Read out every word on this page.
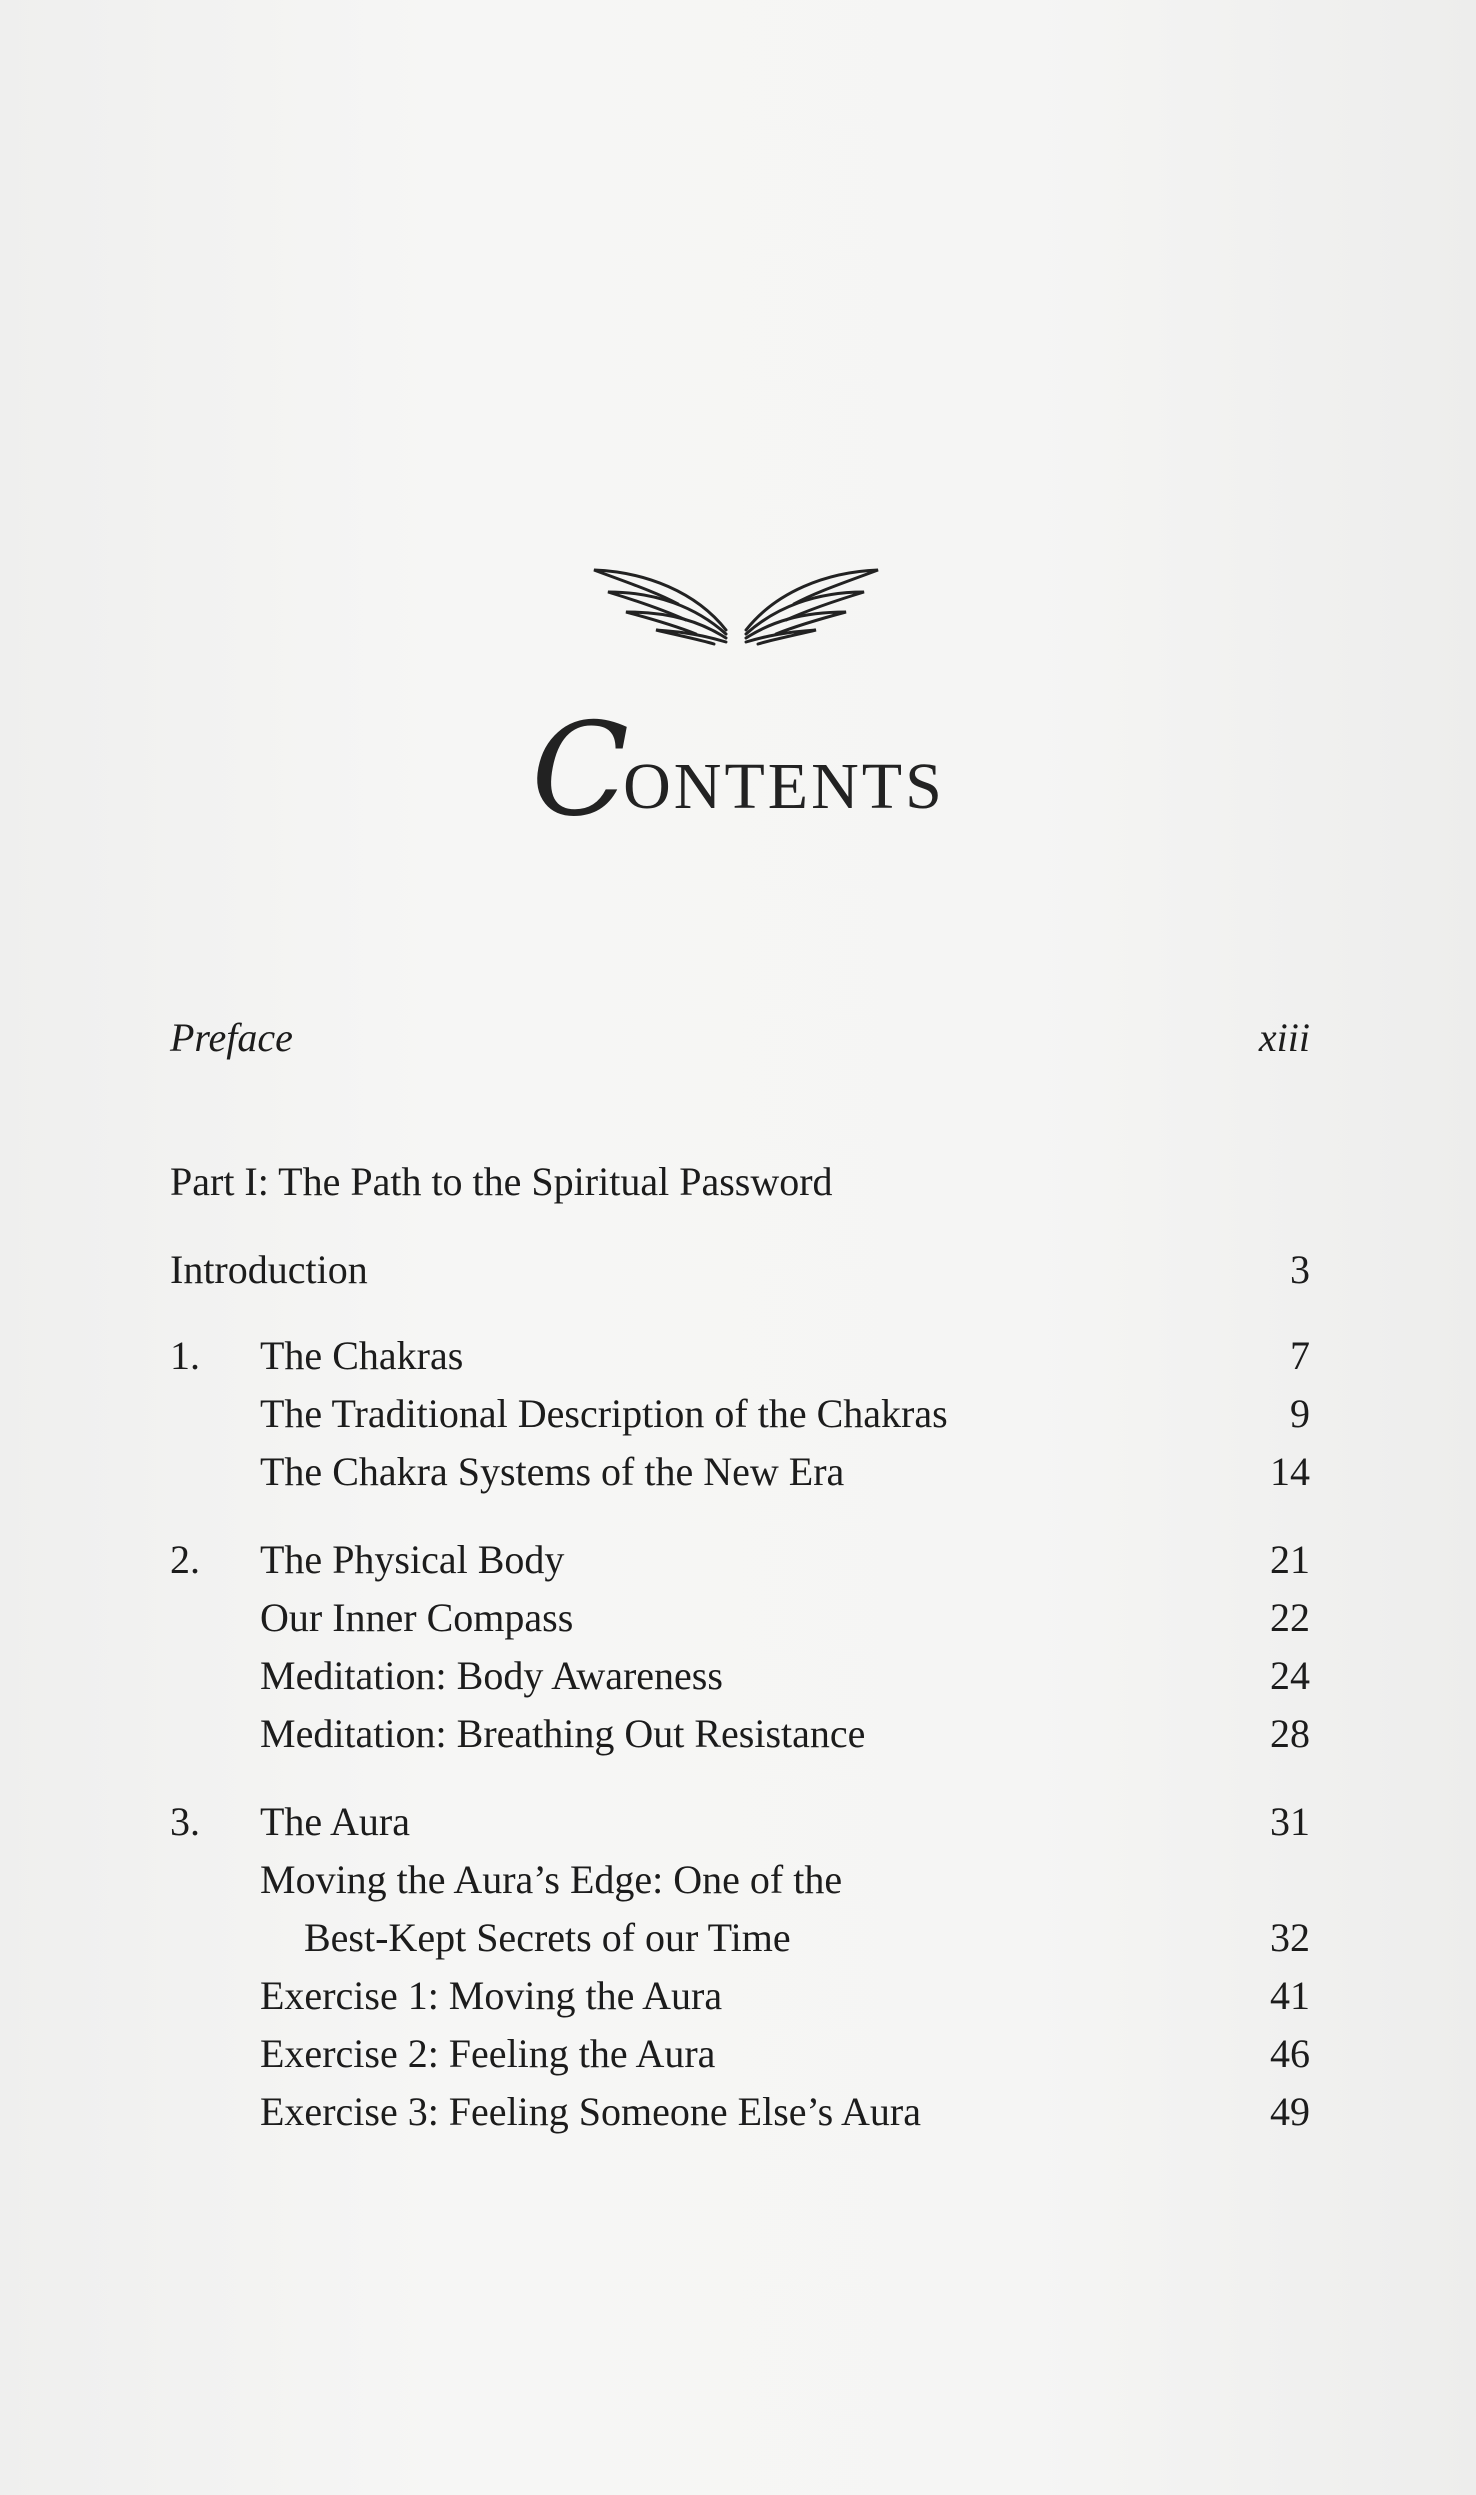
CONTENTS
Preface	xiii
Part I: The Path to the Spiritual Password
Introduction	3
1. The Chakras	7
The Traditional Description of the Chakras	9
The Chakra Systems of the New Era	14
2. The Physical Body	21
Our Inner Compass	22
Meditation: Body Awareness	24
Meditation: Breathing Out Resistance	28
3. The Aura	31
Moving the Aura’s Edge: One of the
Best-Kept Secrets of our Time	32
Exercise 1: Moving the Aura	41
Exercise 2: Feeling the Aura	46
Exercise 3: Feeling Someone Else’s Aura	49
